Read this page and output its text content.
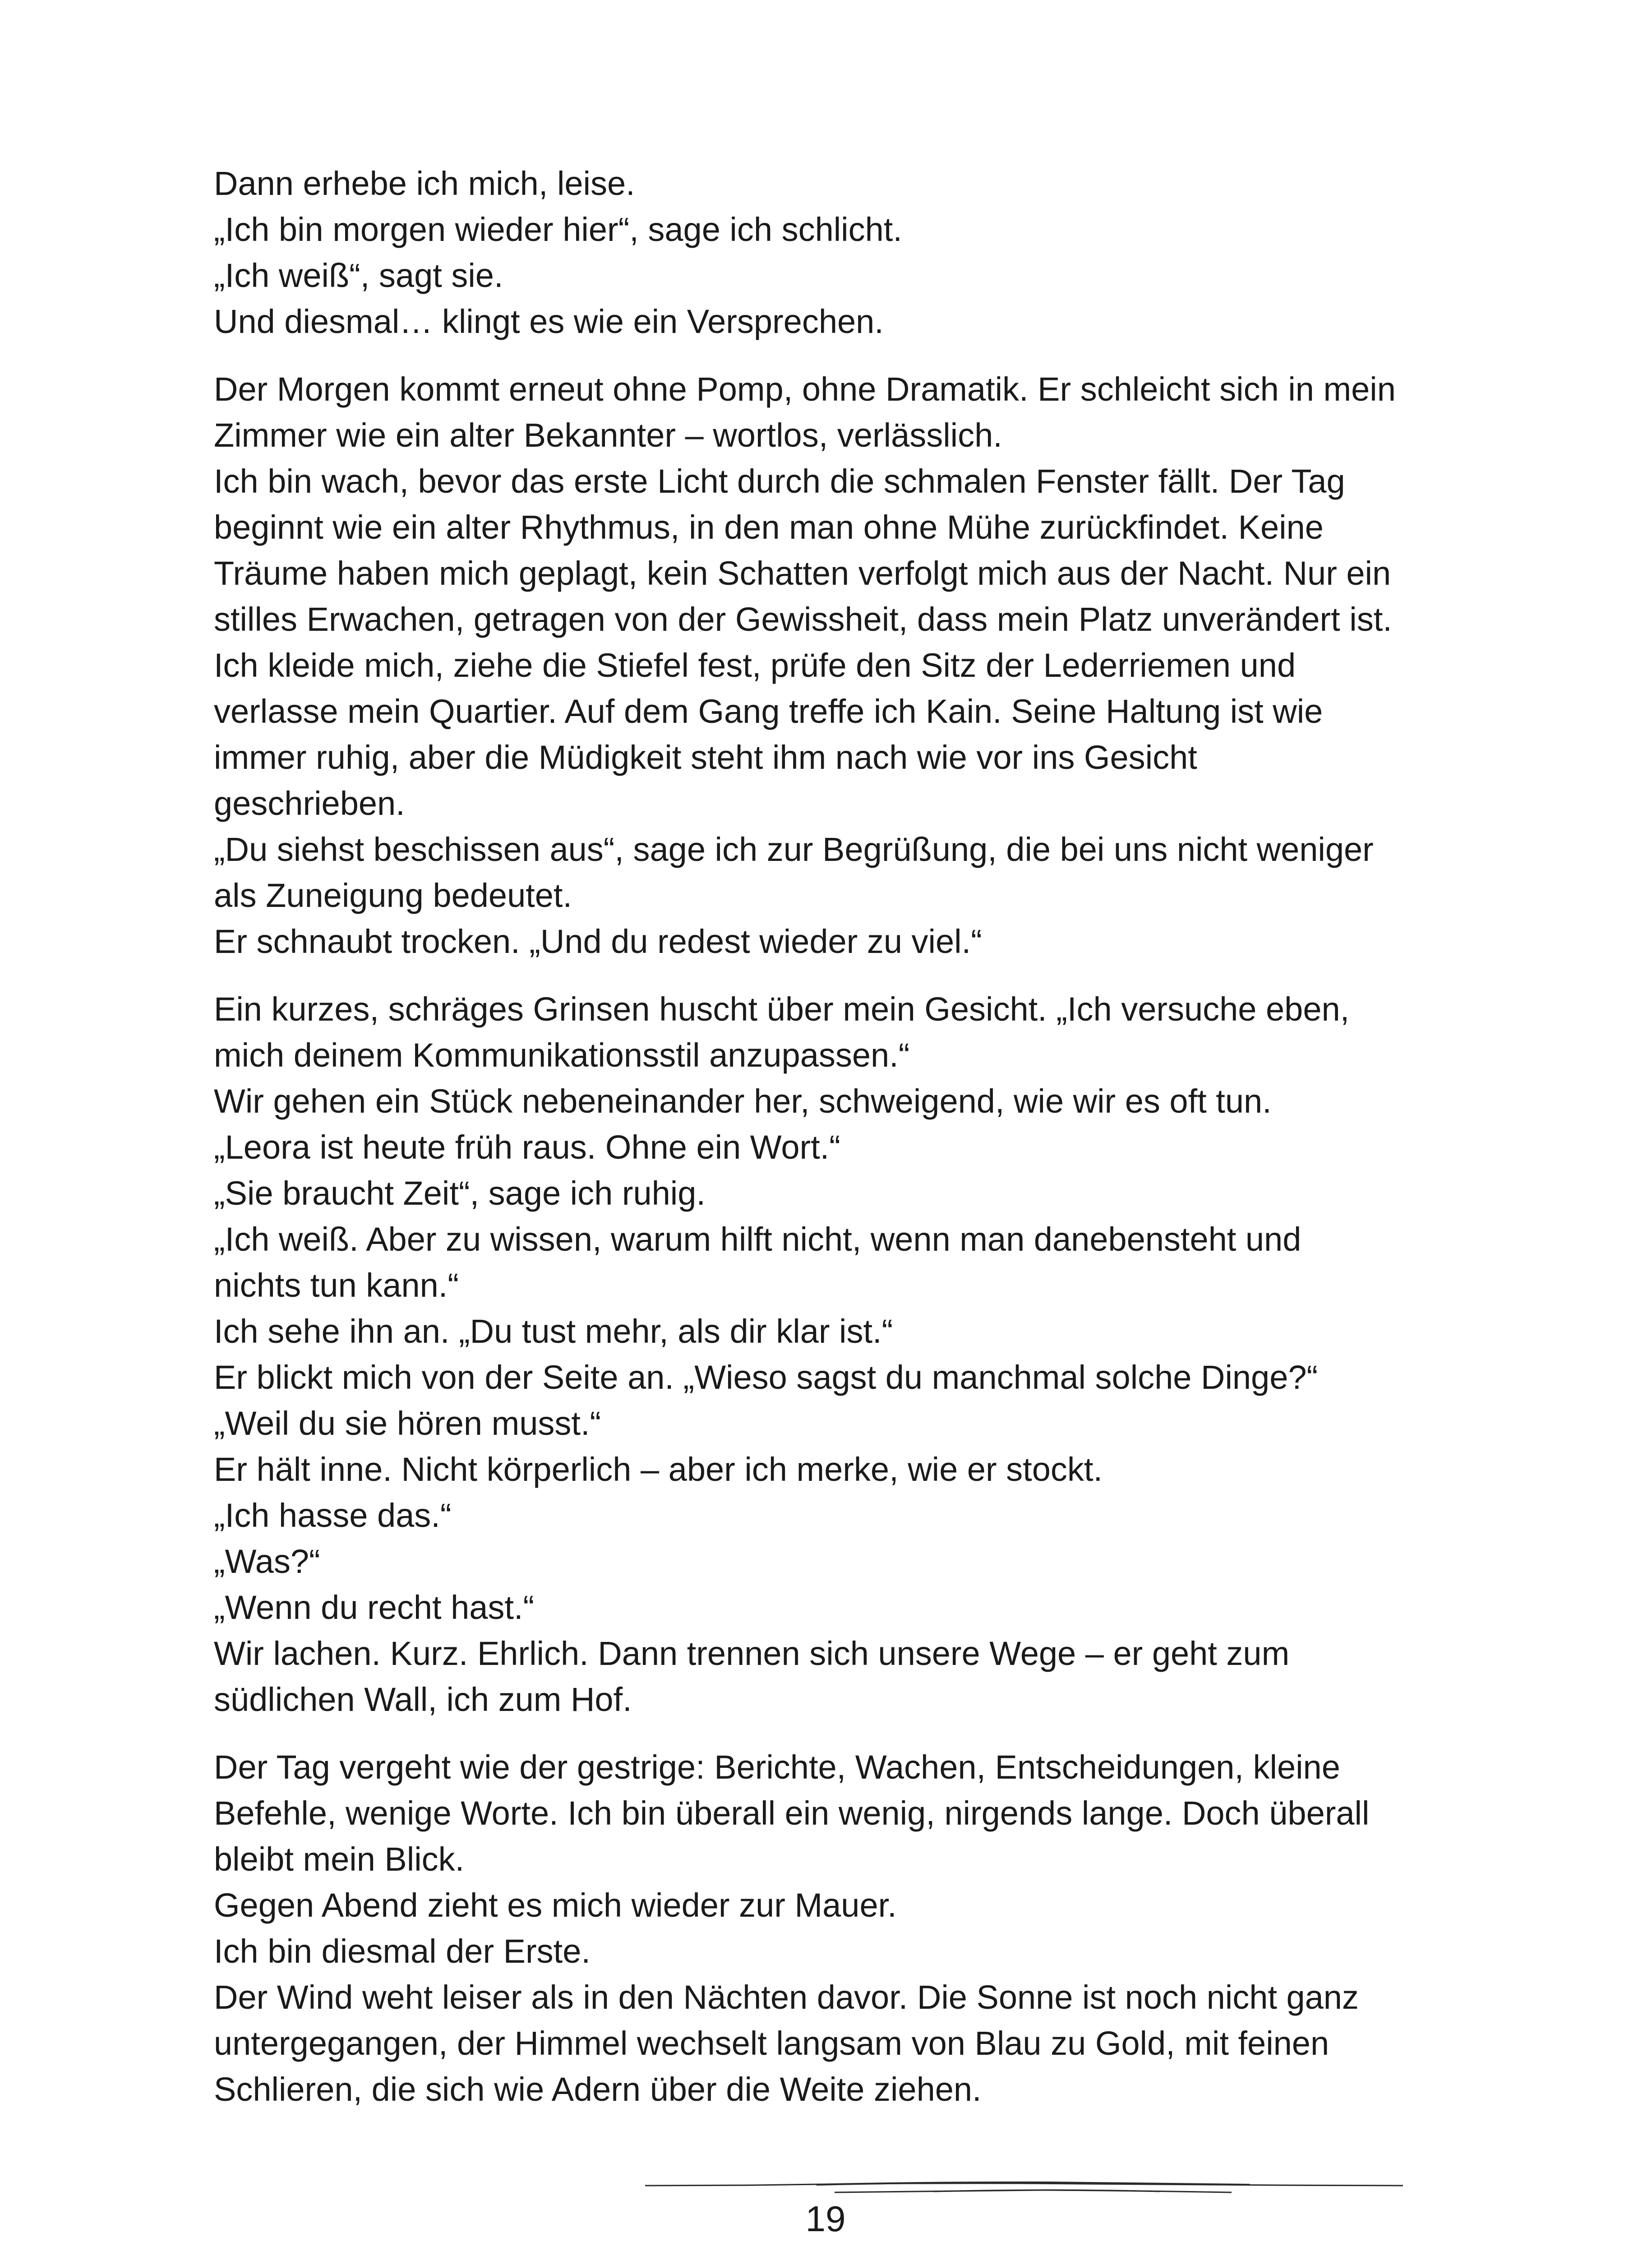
Dann erhebe ich mich, leise.
„Ich bin morgen wieder hier“, sage ich schlicht.
„Ich weiß“, sagt sie.
Und diesmal… klingt es wie ein Versprechen.
Der Morgen kommt erneut ohne Pomp, ohne Dramatik. Er schleicht sich in mein
Zimmer wie ein alter Bekannter – wortlos, verlässlich.
Ich bin wach, bevor das erste Licht durch die schmalen Fenster fällt. Der Tag
beginnt wie ein alter Rhythmus, in den man ohne Mühe zurückfindet. Keine
Träume haben mich geplagt, kein Schatten verfolgt mich aus der Nacht. Nur ein
stilles Erwachen, getragen von der Gewissheit, dass mein Platz unverändert ist.
Ich kleide mich, ziehe die Stiefel fest, prüfe den Sitz der Lederriemen und
verlasse mein Quartier. Auf dem Gang treffe ich Kain. Seine Haltung ist wie
immer ruhig, aber die Müdigkeit steht ihm nach wie vor ins Gesicht
geschrieben.
„Du siehst beschissen aus“, sage ich zur Begrüßung, die bei uns nicht weniger
als Zuneigung bedeutet.
Er schnaubt trocken. „Und du redest wieder zu viel.“
Ein kurzes, schräges Grinsen huscht über mein Gesicht. „Ich versuche eben,
mich deinem Kommunikationsstil anzupassen.“
Wir gehen ein Stück nebeneinander her, schweigend, wie wir es oft tun.
„Leora ist heute früh raus. Ohne ein Wort.“
„Sie braucht Zeit“, sage ich ruhig.
„Ich weiß. Aber zu wissen, warum hilft nicht, wenn man danebensteht und
nichts tun kann.“
Ich sehe ihn an. „Du tust mehr, als dir klar ist.“
Er blickt mich von der Seite an. „Wieso sagst du manchmal solche Dinge?“
„Weil du sie hören musst.“
Er hält inne. Nicht körperlich – aber ich merke, wie er stockt.
„Ich hasse das.“
„Was?“
„Wenn du recht hast.“
Wir lachen. Kurz. Ehrlich. Dann trennen sich unsere Wege – er geht zum
südlichen Wall, ich zum Hof.
Der Tag vergeht wie der gestrige: Berichte, Wachen, Entscheidungen, kleine
Befehle, wenige Worte. Ich bin überall ein wenig, nirgends lange. Doch überall
bleibt mein Blick.
Gegen Abend zieht es mich wieder zur Mauer.
Ich bin diesmal der Erste.
Der Wind weht leiser als in den Nächten davor. Die Sonne ist noch nicht ganz
untergegangen, der Himmel wechselt langsam von Blau zu Gold, mit feinen
Schlieren, die sich wie Adern über die Weite ziehen.
19
